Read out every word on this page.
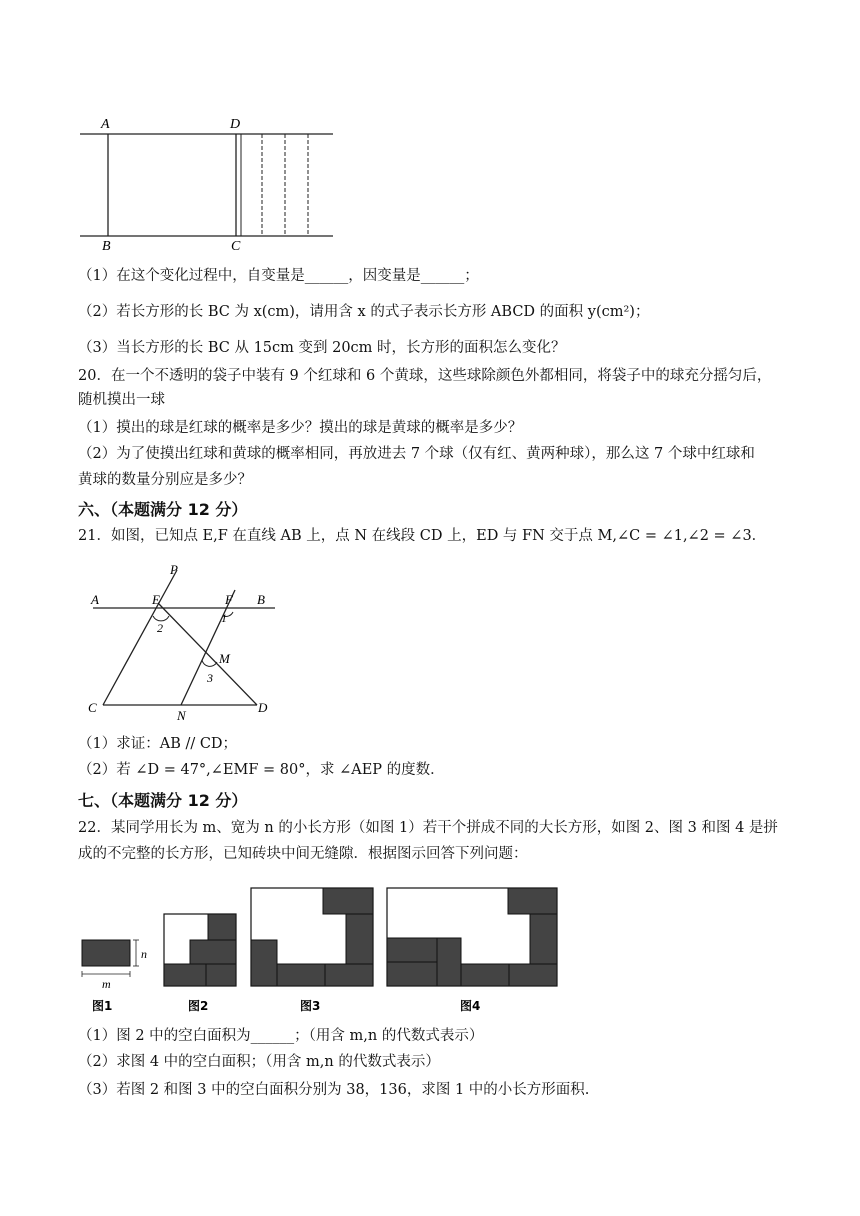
A	D
B	C
（1）在这个变化过程中，自变量是______，因变量是______；
（2）若长方形的长 BC 为 x(cm)，请用含 x 的式子表示长方形 ABCD 的面积 y(cm²)；
（3）当长方形的长 BC 从 15cm 变到 20cm 时，长方形的面积怎么变化？
20．在一个不透明的袋子中装有 9 个红球和 6 个黄球，这些球除颜色外都相同，将袋子中的球充分摇匀后，
随机摸出一球
（1）摸出的球是红球的概率是多少？摸出的球是黄球的概率是多少？
（2）为了使摸出红球和黄球的概率相同，再放进去 7 个球（仅有红、黄两种球），那么这 7 个球中红球和
黄球的数量分别应是多少？
六、（本题满分 12 分）
21．如图，已知点 E,F 在直线 AB 上，点 N 在线段 CD 上，ED 与 FN 交于点 M,∠C = ∠1,∠2 = ∠3．
P
A	E	F B
1
2
M
3
C
N
D
（1）求证：AB // CD；
（2）若 ∠D = 47°,∠EMF = 80°，求 ∠AEP 的度数．
七、（本题满分 12 分）
22．某同学用长为 m、宽为 n 的小长方形（如图 1）若干个拼成不同的大长方形，如图 2、图 3 和图 4 是拼
成的不完整的长方形，已知砖块中间无缝隙．根据图示回答下列问题：
n
m
图1	图2	图3	图4
（1）图 2 中的空白面积为______；（用含 m,n 的代数式表示）
（2）求图 4 中的空白面积；（用含 m,n 的代数式表示）
（3）若图 2 和图 3 中的空白面积分别为 38，136，求图 1 中的小长方形面积.
